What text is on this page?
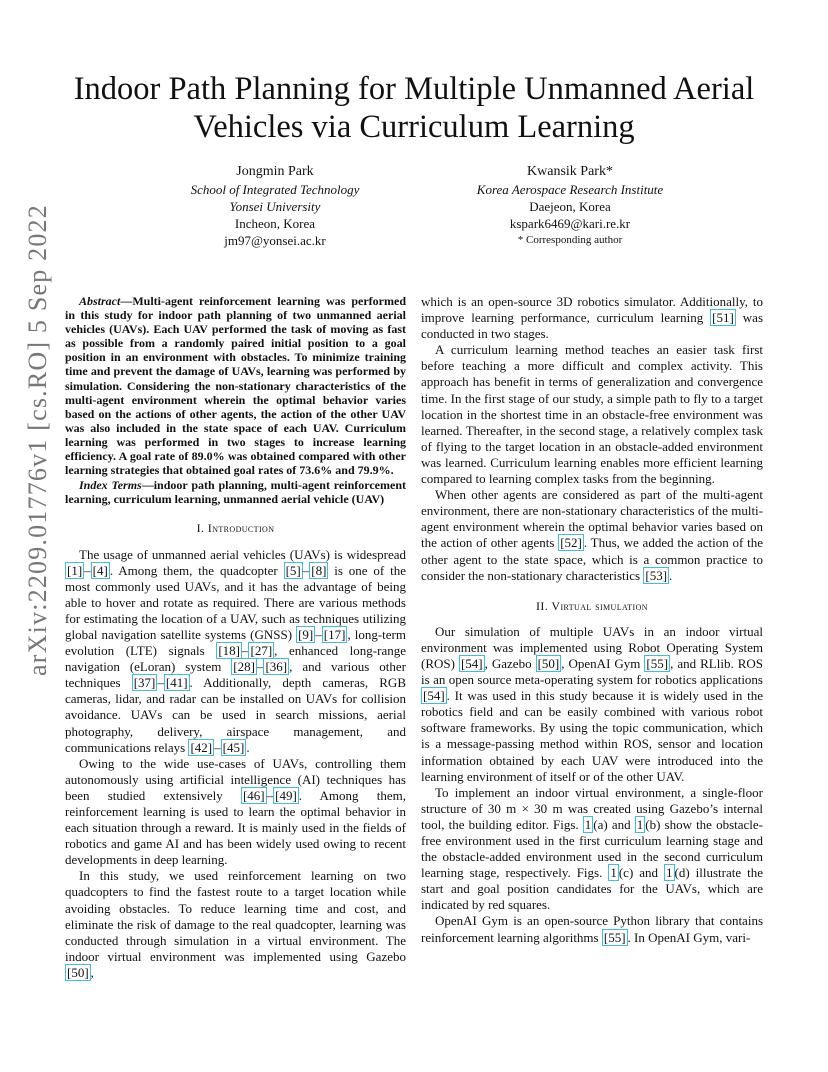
arXiv:2209.01776v1 [cs.RO] 5 Sep 2022
Indoor Path Planning for Multiple Unmanned Aerial Vehicles via Curriculum Learning
Jongmin Park
School of Integrated Technology
Yonsei University
Incheon, Korea
jm97@yonsei.ac.kr
Kwansik Park*
Korea Aerospace Research Institute
Daejeon, Korea
kspark6469@kari.re.kr
* Corresponding author

Abstract—Multi-agent reinforcement learning was performed in this study for indoor path planning of two unmanned aerial vehicles (UAVs). Each UAV performed the task of moving as fast as possible from a randomly paired initial position to a goal position in an environment with obstacles. To minimize training time and prevent the damage of UAVs, learning was performed by simulation. Considering the non-stationary characteristics of the multi-agent environment wherein the optimal behavior varies based on the actions of other agents, the action of the other UAV was also included in the state space of each UAV. Curriculum learning was performed in two stages to increase learning efficiency. A goal rate of 89.0% was obtained compared with other learning strategies that obtained goal rates of 73.6% and 79.9%.

Index Terms—indoor path planning, multi-agent reinforcement learning, curriculum learning, unmanned aerial vehicle (UAV)

I. Introduction

The usage of unmanned aerial vehicles (UAVs) is widespread [1] – [4] . Among them, the quadcopter [5] – [8] is one of the most commonly used UAVs, and it has the advantage of being able to hover and rotate as required. There are various methods for estimating the location of a UAV, such as techniques utilizing global navigation satellite systems (GNSS) [9] – [17] , long-term evolution (LTE) signals [18] – [27] , enhanced long-range navigation (eLoran) system [28] – [36] , and various other techniques [37] – [41] . Additionally, depth cameras, RGB cameras, lidar, and radar can be installed on UAVs for collision avoidance. UAVs can be used in search missions, aerial photography, delivery, airspace management, and communications relays [42] – [45] .

Owing to the wide use-cases of UAVs, controlling them autonomously using artificial intelligence (AI) techniques has been studied extensively [46] – [49] . Among them, reinforcement learning is used to learn the optimal behavior in each situation through a reward. It is mainly used in the fields of robotics and game AI and has been widely used owing to recent developments in deep learning.

In this study, we used reinforcement learning on two quadcopters to find the fastest route to a target location while avoiding obstacles. To reduce learning time and cost, and eliminate the risk of damage to the real quadcopter, learning was conducted through simulation in a virtual environment. The indoor virtual environment was implemented using Gazebo [50] ,

which is an open-source 3D robotics simulator. Additionally, to improve learning performance, curriculum learning [51] was conducted in two stages.

A curriculum learning method teaches an easier task first before teaching a more difficult and complex activity. This approach has benefit in terms of generalization and convergence time. In the first stage of our study, a simple path to fly to a target location in the shortest time in an obstacle-free environment was learned. Thereafter, in the second stage, a relatively complex task of flying to the target location in an obstacle-added environment was learned. Curriculum learning enables more efficient learning compared to learning complex tasks from the beginning.

When other agents are considered as part of the multi-agent environment, there are non-stationary characteristics of the multi-agent environment wherein the optimal behavior varies based on the action of other agents [52] . Thus, we added the action of the other agent to the state space, which is a common practice to consider the non-stationary characteristics [53] .

II. Virtual simulation

Our simulation of multiple UAVs in an indoor virtual environment was implemented using Robot Operating System (ROS) [54] , Gazebo [50] , OpenAI Gym [55] , and RLlib. ROS is an open source meta-operating system for robotics applications [54] . It was used in this study because it is widely used in the robotics field and can be easily combined with various robot software frameworks. By using the topic communication, which is a message-passing method within ROS, sensor and location information obtained by each UAV were introduced into the learning environment of itself or of the other UAV.

To implement an indoor virtual environment, a single-floor structure of 30 m × 30 m was created using Gazebo’s internal tool, the building editor. Figs. 1 (a) and 1 (b) show the obstacle-free environment used in the first curriculum learning stage and the obstacle-added environment used in the second curriculum learning stage, respectively. Figs. 1 (c) and 1 (d) illustrate the start and goal position candidates for the UAVs, which are indicated by red squares.

OpenAI Gym is an open-source Python library that contains reinforcement learning algorithms [55] . In OpenAI Gym, vari-
